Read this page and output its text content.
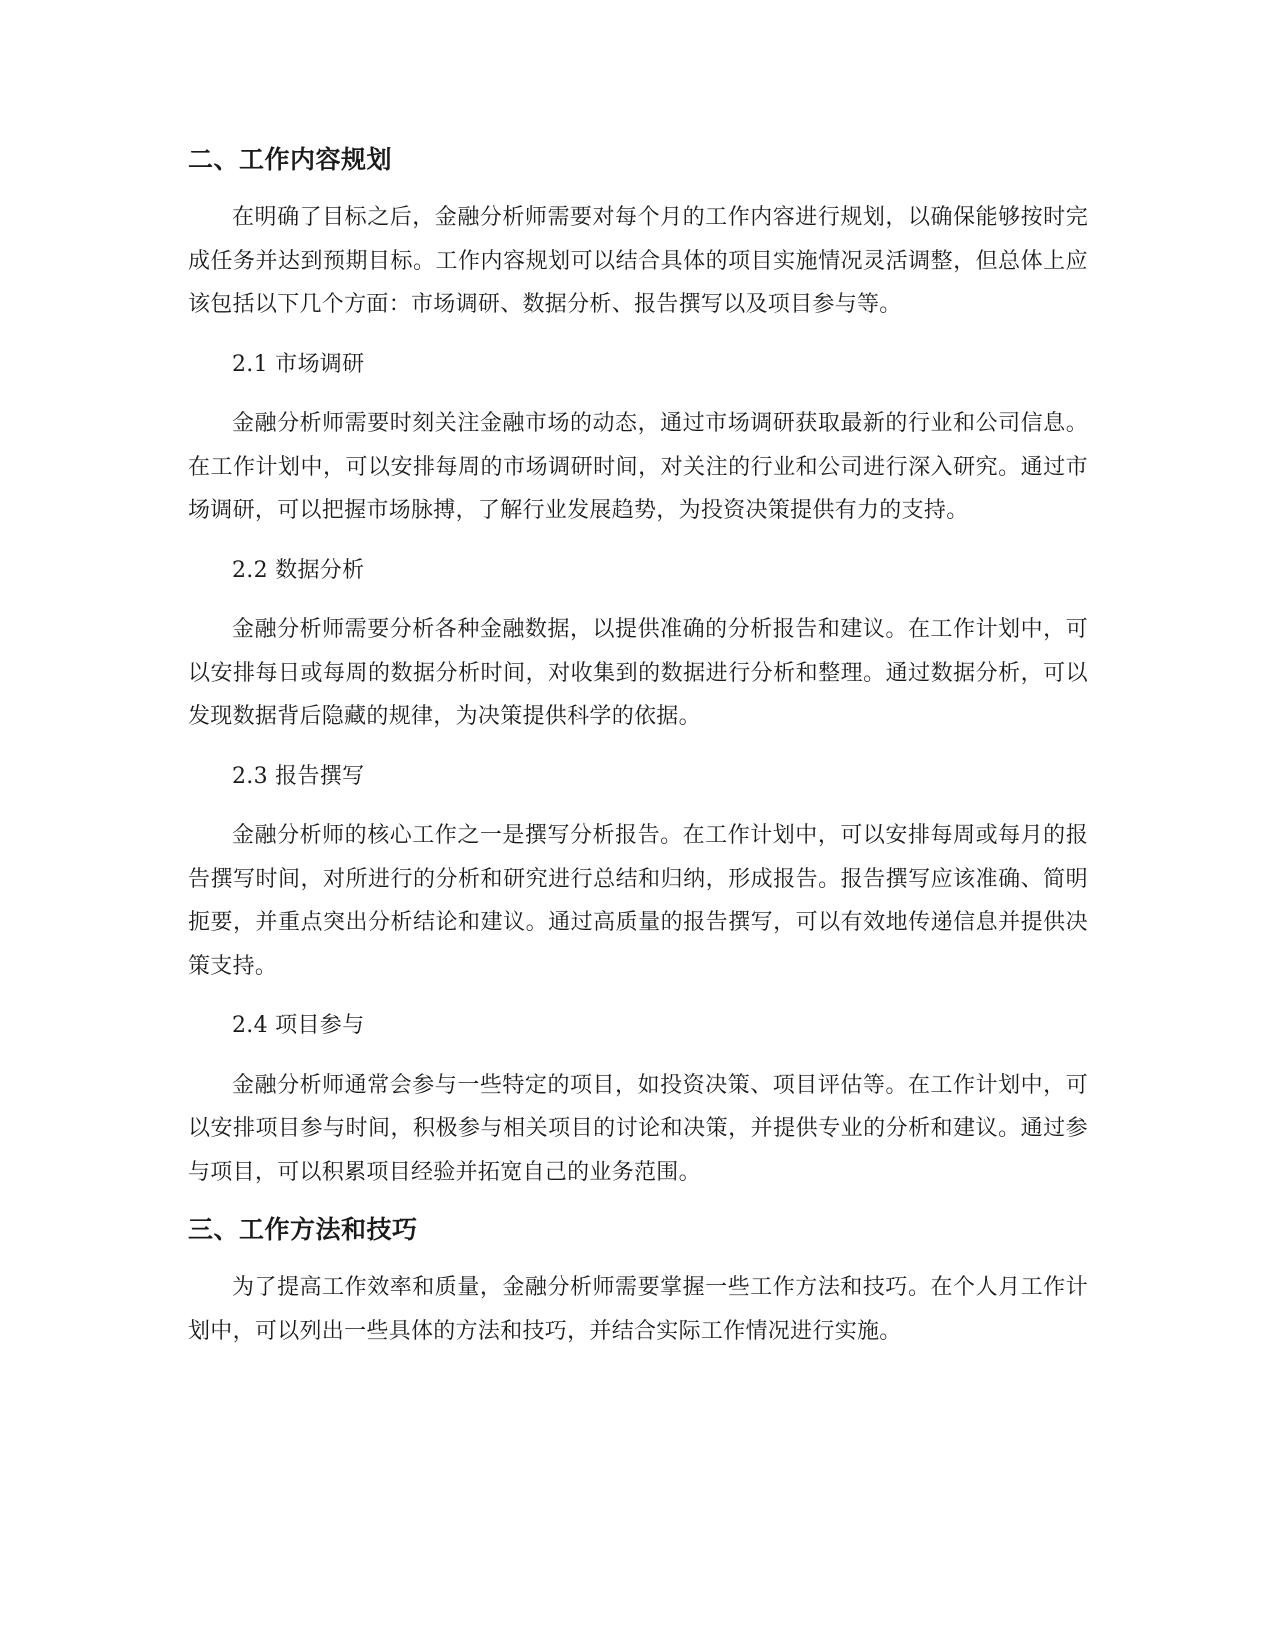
二、工作内容规划

在明确了目标之后，金融分析师需要对每个月的工作内容进行规划，以确保能够按时完成任务并达到预期目标。工作内容规划可以结合具体的项目实施情况灵活调整，但总体上应该包括以下几个方面：市场调研、数据分析、报告撰写以及项目参与等。

2.1 市场调研

金融分析师需要时刻关注金融市场的动态，通过市场调研获取最新的行业和公司信息。在工作计划中，可以安排每周的市场调研时间，对关注的行业和公司进行深入研究。通过市场调研，可以把握市场脉搏，了解行业发展趋势，为投资决策提供有力的支持。

2.2 数据分析

金融分析师需要分析各种金融数据，以提供准确的分析报告和建议。在工作计划中，可以安排每日或每周的数据分析时间，对收集到的数据进行分析和整理。通过数据分析，可以发现数据背后隐藏的规律，为决策提供科学的依据。

2.3 报告撰写

金融分析师的核心工作之一是撰写分析报告。在工作计划中，可以安排每周或每月的报告撰写时间，对所进行的分析和研究进行总结和归纳，形成报告。报告撰写应该准确、简明扼要，并重点突出分析结论和建议。通过高质量的报告撰写，可以有效地传递信息并提供决策支持。

2.4 项目参与

金融分析师通常会参与一些特定的项目，如投资决策、项目评估等。在工作计划中，可以安排项目参与时间，积极参与相关项目的讨论和决策，并提供专业的分析和建议。通过参与项目，可以积累项目经验并拓宽自己的业务范围。

三、工作方法和技巧

为了提高工作效率和质量，金融分析师需要掌握一些工作方法和技巧。在个人月工作计划中，可以列出一些具体的方法和技巧，并结合实际工作情况进行实施。
